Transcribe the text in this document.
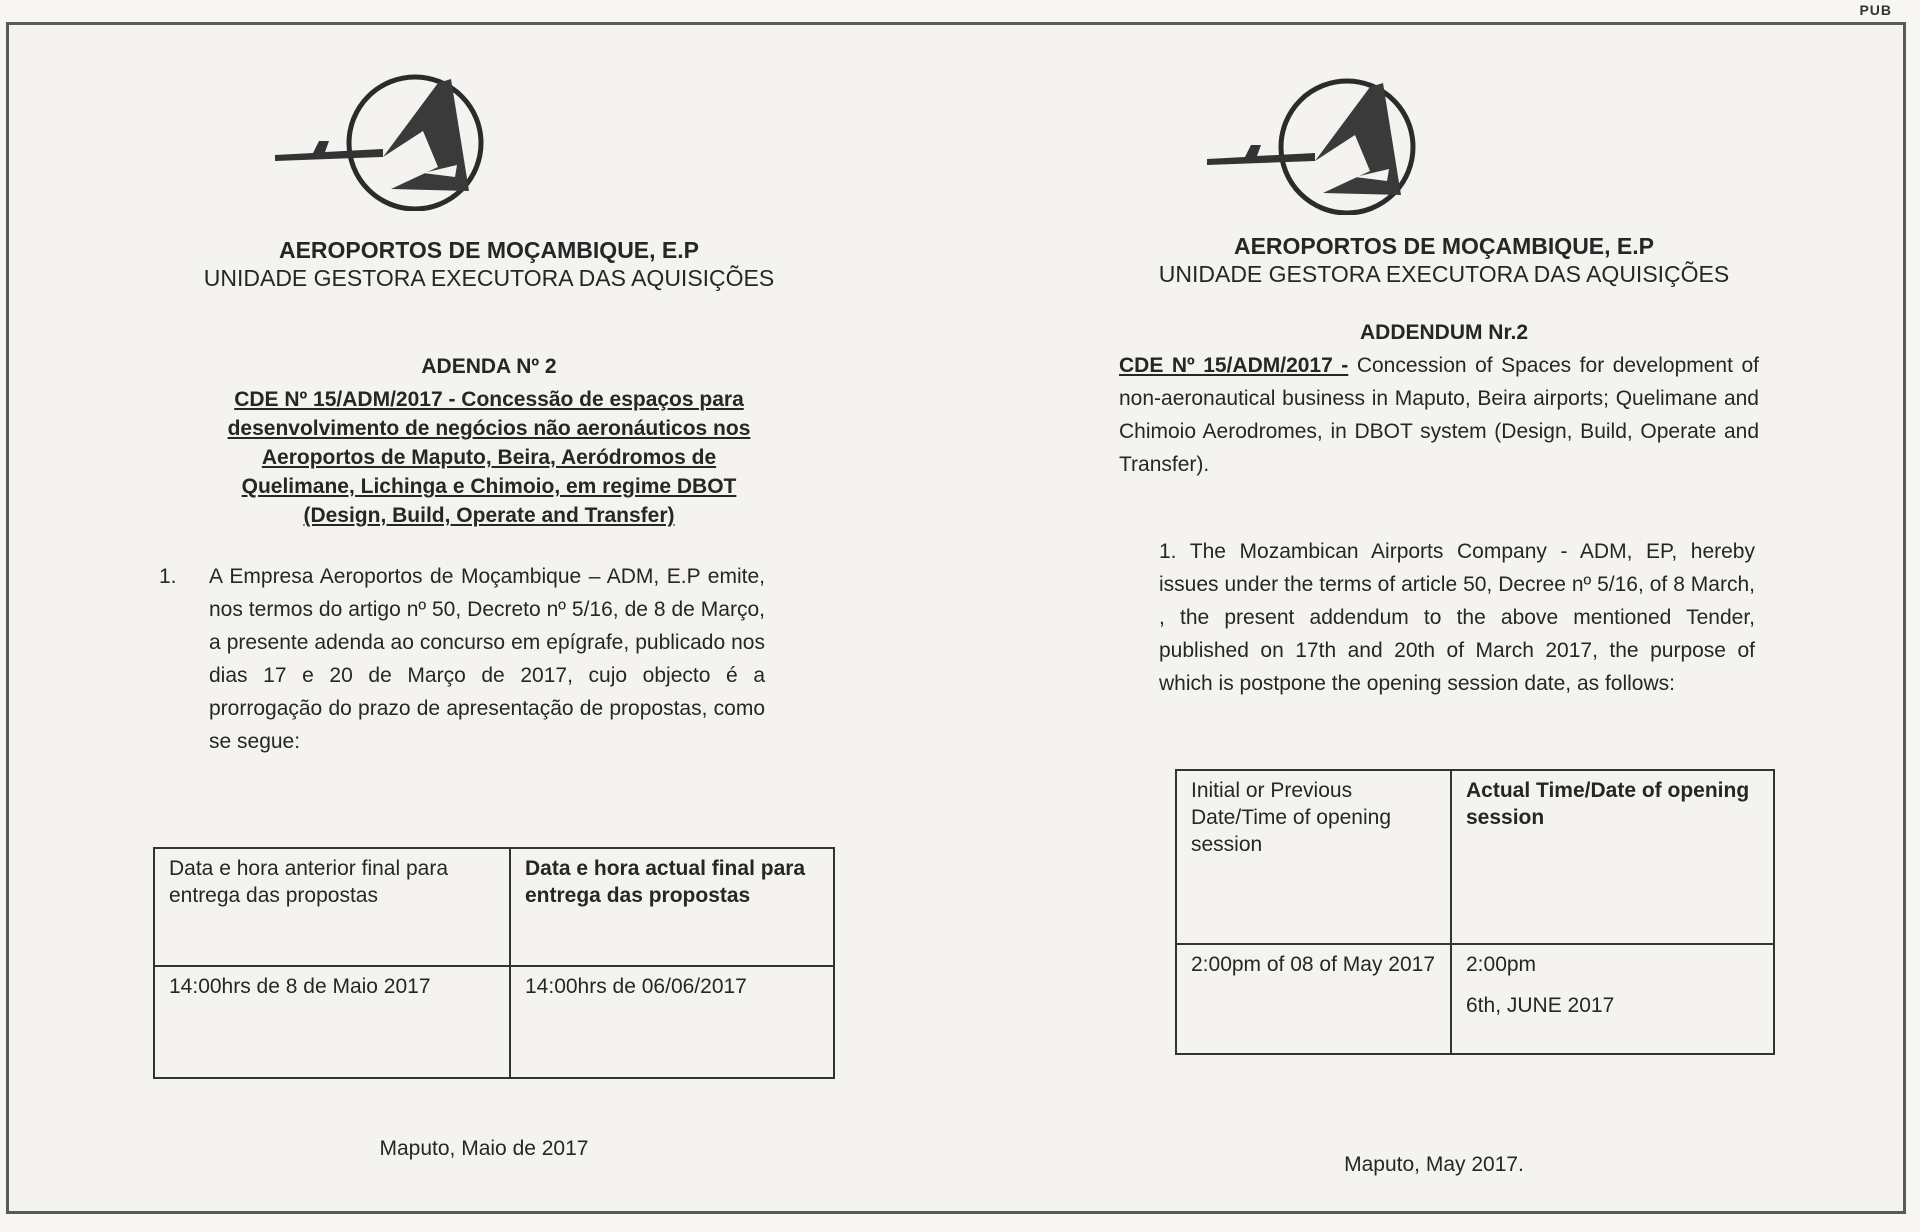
PUB
AEROPORTOS DE MOÇAMBIQUE, E.P
UNIDADE GESTORA EXECUTORA DAS AQUISIÇÕES
ADENDA Nº 2
CDE Nº 15/ADM/2017 - Concessão de espaços para
desenvolvimento de negócios não aeronáuticos nos
Aeroportos de Maputo, Beira, Aeródromos de
Quelimane, Lichinga e Chimoio, em regime DBOT
(Design, Build, Operate and Transfer)
1. A Empresa Aeroportos de Moçambique – ADM, E.P emite, nos termos do artigo nº 50, Decreto nº 5/16, de 8 de Março, a presente adenda ao concurso em epígrafe, publicado nos dias 17 e 20 de Março de 2017, cujo objecto é a prorrogação do prazo de apresentação de propostas, como se segue:
Data e hora anterior final para entrega das propostas	Data e hora actual final para entrega das propostas
14:00hrs de 8 de Maio 2017	14:00hrs de 06/06/2017
Maputo, Maio de 2017
AEROPORTOS DE MOÇAMBIQUE, E.P
UNIDADE GESTORA EXECUTORA DAS AQUISIÇÕES
ADDENDUM Nr.2
CDE Nº 15/ADM/2017 - Concession of Spaces for development of non-aeronautical business in Maputo, Beira airports; Quelimane and Chimoio Aerodromes, in DBOT system (Design, Build, Operate and Transfer).
1. The Mozambican Airports Company - ADM, EP, hereby issues under the terms of article 50, Decree nº 5/16, of 8 March, , the present addendum to the above mentioned Tender, published on 17th and 20th of March 2017, the purpose of which is postpone the opening session date, as follows:
Initial or Previous Date/Time of opening session	Actual Time/Date of opening session
2:00pm of 08 of May 2017	2:00pm
6th, JUNE 2017
Maputo, May 2017.
